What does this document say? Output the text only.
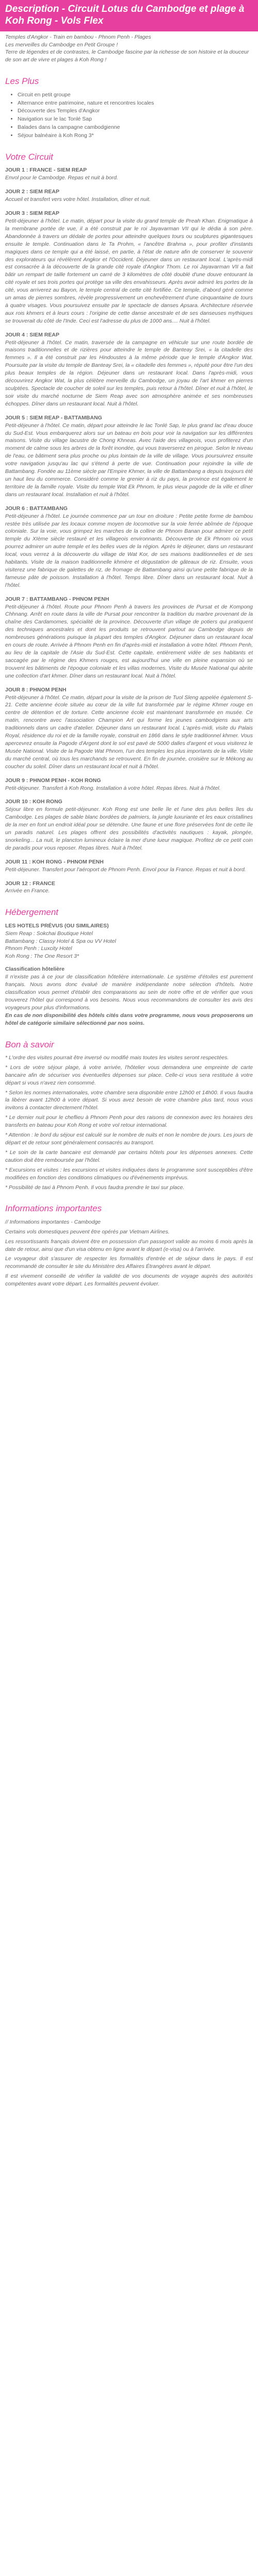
Description - Circuit Lotus du Cambodge et plage à Koh Rong - Vols Flex

Temples d'Angkor - Train en bambou - Phnom Penh - Plages

Les merveilles du Cambodge en Petit Groupe !

Terre de légendes et de contrastes, le Cambodge fascine par la richesse de son histoire et la douceur de son art de vivre et plages à Koh Rong !

Les Plus
• Circuit en petit groupe
• Alternance entre patrimoine, nature et rencontres locales
• Découverte des Temples d'Angkor
• Navigation sur le lac Tonlé Sap
• Balades dans la campagne cambodgienne
• Séjour balnéaire à Koh Rong 3*
Votre Circuit
JOUR 1 : FRANCE - SIEM REAP

Envol pour le Cambodge. Repas et nuit à bord.

JOUR 2 : SIEM REAP

Accueil et transfert vers votre hôtel. Installation, dîner et nuit.

JOUR 3 : SIEM REAP

Petit-déjeuner à l'hôtel. Le matin, départ pour la visite du grand temple de Preah Khan. Enigmatique à la membrane portée de vue, il a été construit par le roi Jayavarman VII qui le dédia à son père. Abandonnée à travers un dédale de portes pour atteindre quelques tours ou sculptures gigantesques ensuite le temple. Continuation dans le Ta Prohm, « l'ancêtre Brahma », pour profiter d'instants magiques dans ce temple qui a été laissé, en partie, à l'état de nature afin de conserver le souvenir des explorateurs qui révélèrent Angkor et l'Occident. Déjeuner dans un restaurant local. L'après-midi est consacrée à la découverte de la grande cité royale d'Angkor Thom. Le roi Jayavarman VII a fait bâtir un rempart de taille fortement un carré de 3 kilomètres de côté doublé d'une douve entourant la cité royale et ses trois portes qui protège sa ville des envahisseurs. Après avoir admiré les portes de la cité, vous arriverez au Bayon, le temple central de cette cité fortifiée. Ce temple, d'abord géré comme un amas de pierres sombres, révèle progressivement un enchevêtrement d'une cinquantaine de tours à quatre visages. Vous poursuivez ensuite par le spectacle de danses Apsara. Architecture réservée aux rois khmers et à leurs cours : l'origine de cette danse ancestrale et de ses danseuses mythiques se trouverait du côté de l'Inde. Ceci est l'adresse du plus de 1000 ans.... Nuit à l'hôtel.

JOUR 4 : SIEM REAP

Petit-déjeuner à l'hôtel. Ce matin, traversée de la campagne en véhicule sur une route bordée de maisons traditionnelles et de rizières pour atteindre le temple de Banteay Srei, « la citadelle des femmes ». Il a été construit par les Hindoustes à la même période que le temple d'Angkor Wat. Poursuite par la visite du temple de Banteay Srei, la « citadelle des femmes », réputé pour être l'un des plus beaux temples de la région. Déjeuner dans un restaurant local. Dans l'après-midi, vous découvrirez Angkor Wat, la plus célèbre merveille du Cambodge, un joyau de l'art khmer en pierres sculptées. Spectacle de coucher de soleil sur les temples, puis retour à l'hôtel. Dîner et nuit à l'hôtel, le soir visite du marché nocturne de Siem Reap avec son atmosphère animée et ses nombreuses échoppes. Dîner dans un restaurant local. Nuit à l'hôtel.

JOUR 5 : SIEM REAP - BATTAMBANG

Petit-déjeuner à l'hôtel. Ce matin, départ pour atteindre le lac Tonlé Sap, le plus grand lac d'eau douce du Sud-Est. Vous embarquerez alors sur un bateau en bois pour voir la navigation sur les différentes maisons. Visite du village lacustre de Chong Khneas. Avec l'aide des villageois, vous profiterez d'un moment de calme sous les arbres de la forêt inondée, qui vous traverserez en pirogue. Selon le niveau de l'eau, ce bâtiment sera plus proche ou plus lointain de la ville de village. Vous poursuivrez ensuite votre navigation jusqu'au lac qui s'étend à perte de vue. Continuation pour rejoindre la ville de Battambang. Fondée au 11ème siècle par l'Empire Khmer, la ville de Battambang a depuis toujours été un haut lieu du commerce. Considéré comme le grenier à riz du pays, la province est également le territoire de la famille royale. Visite du temple Wat Ek Phnom, le plus vieux pagode de la ville et dîner dans un restaurant local. Installation et nuit à l'hôtel.

JOUR 6 : BATTAMBANG

Petit-déjeuner à l'hôtel. Le journée commence par un tour en droiture : Petite petite forme de bambou restée très utilisée par les locaux comme moyen de locomotive sur la voie ferrée abîmée de l'époque coloniale. Sur la voie, vous grimpez les marches de la colline de Phnom Banan pour admirer ce petit temple du XIème siècle restauré et les villageois environnants. Découverte de Ek Phnom où vous pourrez admirer un autre temple et les belles vues de la région. Après le déjeuner, dans un restaurant local, vous verrez à la découverte du village de Wat Kor, de ses maisons traditionnelles et de ses habitants. Visite de la maison traditionnelle khmère et dégustation de gâteaux de riz. Ensuite, vous visiterez une fabrique de galettes de riz, de fromage de Battambang ainsi qu'une petite fabrique de la fameuse pâte de poisson. Installation à l'hôtel. Temps libre. Dîner dans un restaurant local. Nuit à l'hôtel.

JOUR 7 : BATTAMBANG - PHNOM PENH

Petit-déjeuner à l'hôtel. Route pour Phnom Penh à travers les provinces de Pursat et de Kompong Chhnang. Arrêt en route dans la ville de Pursat pour rencontrer la tradition du marbre provenant de la chaîne des Cardamomes, spécialité de la province. Découverte d'un village de potiers qui pratiquent des techniques ancestrales et dont les produits se retrouvent partout au Cambodge depuis de nombreuses générations puisque la plupart des temples d'Angkor. Déjeuner dans un restaurant local en cours de route. Arrivée à Phnom Penh en fin d'après-midi et installation à votre hôtel. Phnom Penh, au lieu de la capitale de l'Asie du Sud-Est. Cette capitale, entièrement vidée de ses habitants et saccagée par le régime des Khmers rouges, est aujourd'hui une ville en pleine expansion où se trouvent les bâtiments de l'époque coloniale et les villas modernes. Visite du Musée National qui abrite une collection d'art khmer. Dîner dans un restaurant local. Nuit à l'hôtel.

JOUR 8 : PHNOM PENH

Petit-déjeuner à l'hôtel. Ce matin, départ pour la visite de la prison de Tuol Sleng appelée également S-21. Cette ancienne école située au cœur de la ville fut transformée par le régime Khmer rouge en centre de détention et de torture. Cette ancienne école est maintenant transformée en musée. Ce matin, rencontre avec l'association Champion Art qui forme les jeunes cambodgiens aux arts traditionnels dans un cadre d'atelier. Déjeuner dans un restaurant local. L'après-midi, visite du Palais Royal, résidence du roi et de la famille royale, construit en 1866 dans le style traditionnel khmer. Vous apercevrez ensuite la Pagode d'Argent dont le sol est pavé de 5000 dalles d'argent et vous visiterez le Musée National. Visite de la Pagode Wat Phnom, l'un des temples les plus importants de la ville. Visite du marché central, où tous les marchands se retrouvent. En fin de journée, croisière sur le Mékong au coucher du soleil. Dîner dans un restaurant local et nuit à l'hôtel.

JOUR 9 : PHNOM PENH - KOH RONG

Petit-déjeuner. Transfert à Koh Rong. Installation à votre hôtel. Repas libres. Nuit à l'hôtel.

JOUR 10 : KOH RONG

Séjour libre en formule petit-déjeuner. Koh Rong est une belle île et l'une des plus belles îles du Cambodge. Les plages de sable blanc bordées de palmiers, la jungle luxuriante et les eaux cristallines de la mer en font un endroit idéal pour se détendre. Une faune et une flore préservées font de cette île un paradis naturel. Les plages offrent des possibilités d'activités nautiques : kayak, plongée, snorkeling... La nuit, le plancton lumineux éclaire la mer d'une lueur magique. Profitez de ce petit coin de paradis pour vous reposer. Repas libres. Nuit à l'hôtel.

JOUR 11 : KOH RONG - PHNOM PENH

Petit-déjeuner. Transfert pour l'aéroport de Phnom Penh. Envol pour la France. Repas et nuit à bord.

JOUR 12 : FRANCE

Arrivée en France.

Hébergement

LES HOTELS PRÉVUS (OU SIMILAIRES)

Siem Reap : Sokchai Boutique Hotel

Battambang : Classy Hotel & Spa ou VV Hotel

Phnom Penh : Luxcity Hotel

Koh Rong : The One Resort 3*

Classification hôtelière

Il n'existe pas à ce jour de classification hôtelière internationale. Le système d'étoiles est purement français. Nous avons donc évalué de manière indépendante notre sélection d'hôtels. Notre classification vous permet d'établir des comparaisons au sein de notre offre et de vérifier que vous trouverez l'hôtel qui correspond à vos besoins. Nous vous recommandons de consulter les avis des voyageurs pour plus d'informations.

En cas de non disponibilité des hôtels cités dans votre programme, nous vous proposerons un hôtel de catégorie similaire sélectionné par nos soins.

Bon à savoir

* L'ordre des visites pourrait être inversé ou modifié mais toutes les visites seront respectées.

* Lors de votre séjour plage, à votre arrivée, l'hôtelier vous demandera une empreinte de carte bancaire afin de sécuriser vos éventuelles dépenses sur place. Celle-ci vous sera restituée à votre départ si vous n'avez rien consommé.

* Selon les normes internationales, votre chambre sera disponible entre 12h00 et 14h00. Il vous faudra la libérer avant 12h00 à votre départ. Si vous avez besoin de votre chambre plus tard, nous vous invitons à contacter directement l'hôtel.

* Le dernier nuit pour le cheflieu à Phnom Penh pour des raisons de connexion avec les horaires des transferts en bateau pour Koh Rong et votre vol retour international.

* Attention : le bord du séjour est calculé sur le nombre de nuits et non le nombre de jours. Les jours de départ et de retour sont généralement consacrés au transport.

* Le soin de la carte bancaire est demandé par certains hôtels pour les dépenses annexes. Cette caution doit être remboursée par l'hôtel.

* Excursions et visites : les excursions et visites indiquées dans le programme sont susceptibles d'être modifiées en fonction des conditions climatiques ou d'événements imprévus.

* Possibilité de taxi à Phnom Penh. Il vous faudra prendre le taxi sur place.

Informations importantes

// Informations importantes - Cambodge

Certains vols domestiques peuvent être opérés par Vietnam Airlines.

Les ressortissants français doivent être en possession d'un passeport valide au moins 6 mois après la date de retour, ainsi que d'un visa obtenu en ligne avant le départ (e-visa) ou à l'arrivée.

Le voyageur doit s'assurer de respecter les formalités d'entrée et de séjour dans le pays. Il est recommandé de consulter le site du Ministère des Affaires Étrangères avant le départ.

Il est vivement conseillé de vérifier la validité de vos documents de voyage auprès des autorités compétentes avant votre départ. Les formalités peuvent évoluer.
